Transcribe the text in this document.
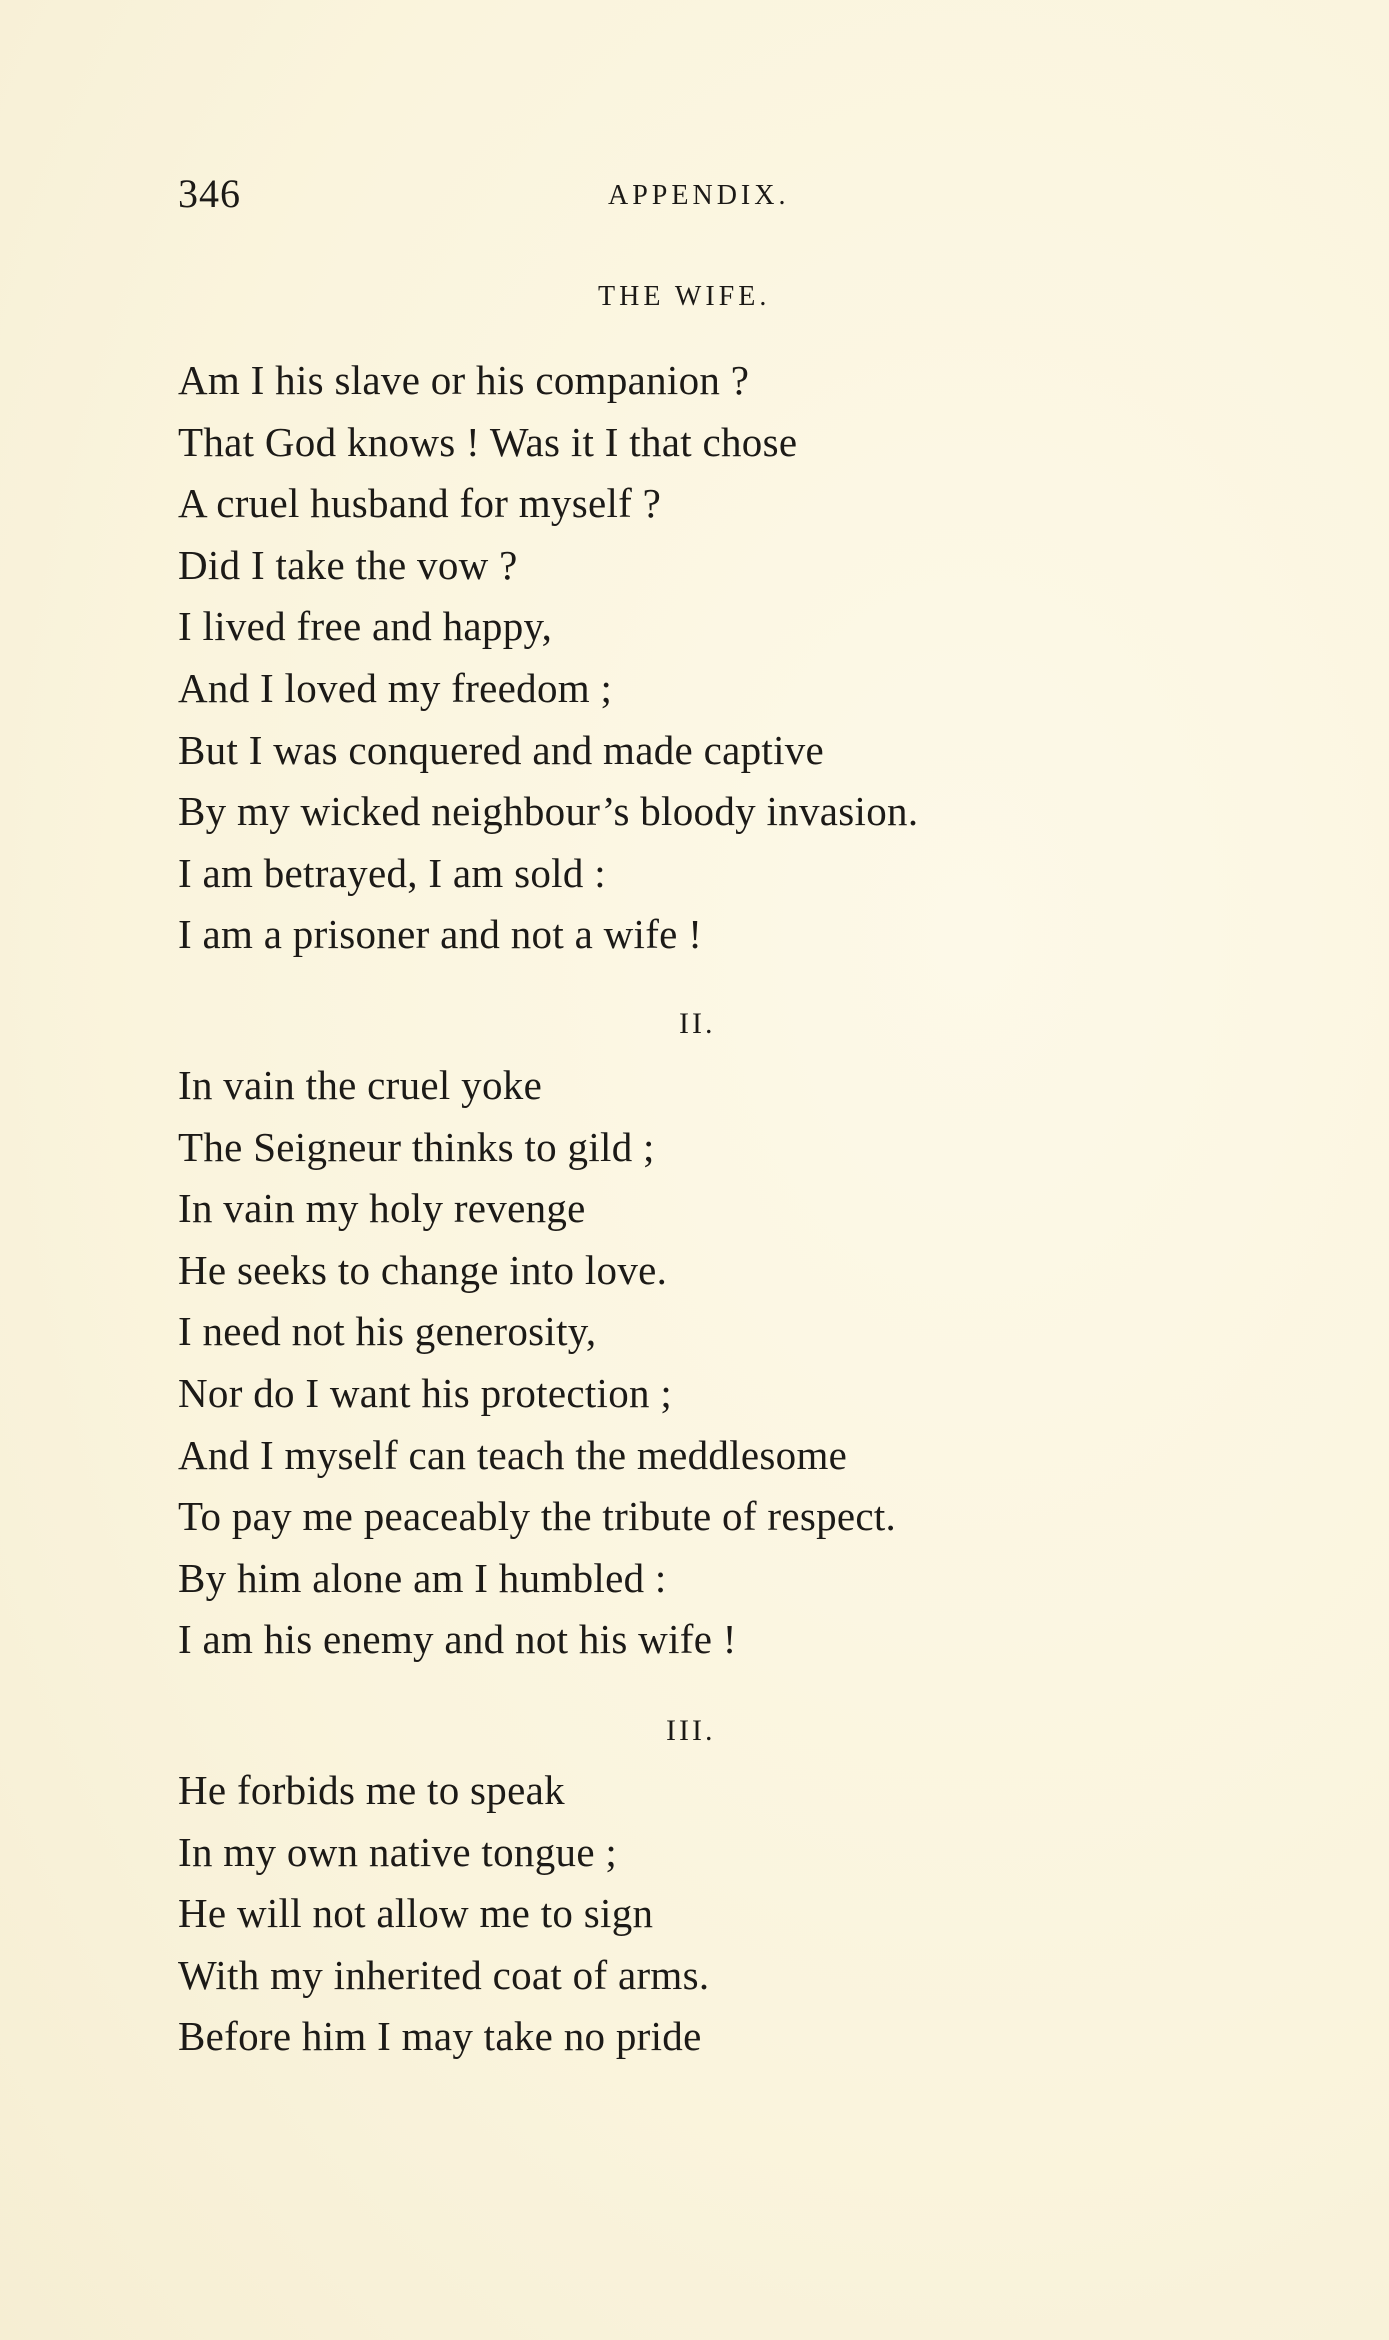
346	APPENDIX.
THE WIFE.
Am I his slave or his companion ?
That God knows ! Was it I that chose
A cruel husband for myself ?
Did I take the vow ?
I lived free and happy,
And I loved my freedom ;
But I was conquered and made captive
By my wicked neighbour’s bloody invasion.
I am betrayed, I am sold :
I am a prisoner and not a wife !
II.
In vain the cruel yoke
The Seigneur thinks to gild ;
In vain my holy revenge
He seeks to change into love.
I need not his generosity,
Nor do I want his protection ;
And I myself can teach the meddlesome
To pay me peaceably the tribute of respect.
By him alone am I humbled :
I am his enemy and not his wife !
III.
He forbids me to speak
In my own native tongue ;
He will not allow me to sign
With my inherited coat of arms.
Before him I may take no pride
